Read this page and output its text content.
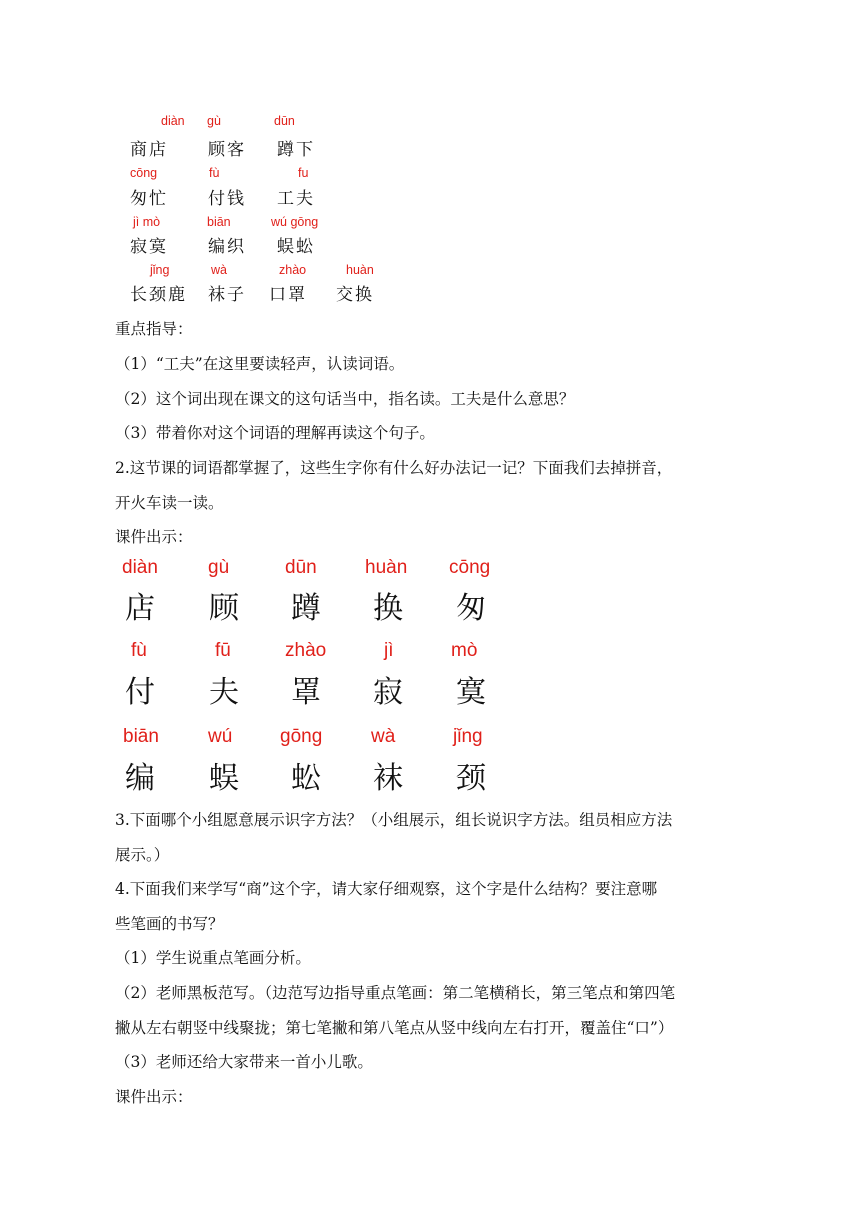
diàn
商店
gù
顾客
dūn
蹲下
cōng
匆忙
fù
付钱
fu
工夫
jì mò
寂寞
biān
编织
wú gōng
蜈蚣
jǐng
长颈鹿
wà
袜子
zhào
口罩
huàn
交换
重点指导：
（1）“工夫”在这里要读轻声，认读词语。
（2）这个词出现在课文的这句话当中，指名读。工夫是什么意思？
（3）带着你对这个词语的理解再读这个句子。
2.这节课的词语都掌握了，这些生字你有什么好办法记一记？下面我们去掉拼音，
开火车读一读。
课件出示：
diàn
店
gù
顾
dūn
蹲
huàn
换
cōng
匆
fù
付
fū
夫
zhào
罩
jì
寂
mò
寞
biān
编
wú
蜈
gōng
蚣
wà
袜
jǐng
颈
3.下面哪个小组愿意展示识字方法？（小组展示，组长说识字方法。组员相应方法
展示。）
4.下面我们来学写“商”这个字，请大家仔细观察，这个字是什么结构？要注意哪
些笔画的书写？
（1）学生说重点笔画分析。
（2）老师黑板范写。（边范写边指导重点笔画：第二笔横稍长，第三笔点和第四笔
撇从左右朝竖中线聚拢；第七笔撇和第八笔点从竖中线向左右打开，覆盖住“口”）
（3）老师还给大家带来一首小儿歌。
课件出示：
